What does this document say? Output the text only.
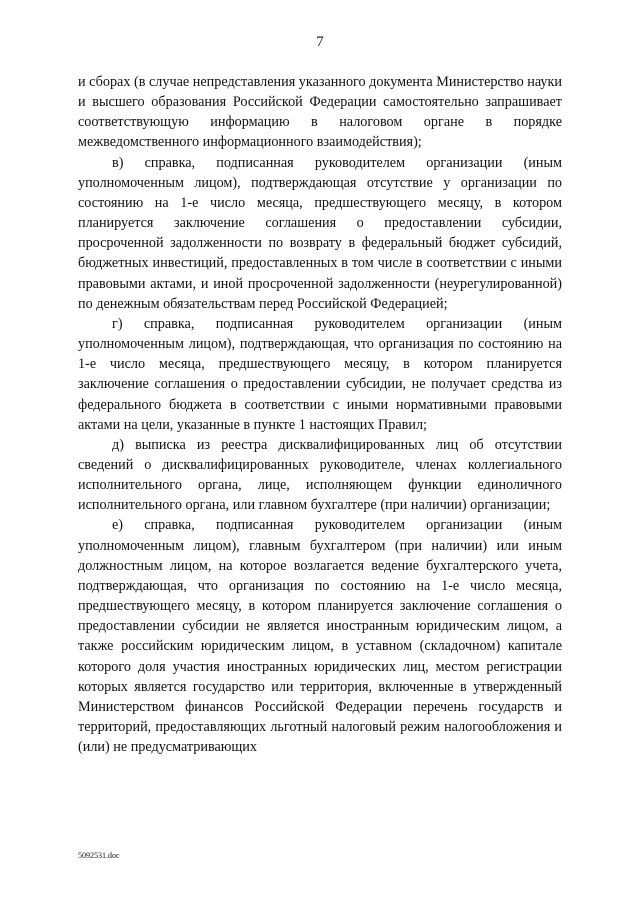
7

и сборах (в случае непредставления указанного документа Министерство науки и высшего образования Российской Федерации самостоятельно запрашивает соответствующую информацию в налоговом органе в порядке межведомственного информационного взаимодействия);

в) справка, подписанная руководителем организации (иным уполномоченным лицом), подтверждающая отсутствие у организации по состоянию на 1-е число месяца, предшествующего месяцу, в котором планируется заключение соглашения о предоставлении субсидии, просроченной задолженности по возврату в федеральный бюджет субсидий, бюджетных инвестиций, предоставленных в том числе в соответствии с иными правовыми актами, и иной просроченной задолженности (неурегулированной) по денежным обязательствам перед Российской Федерацией;

г) справка, подписанная руководителем организации (иным уполномоченным лицом), подтверждающая, что организация по состоянию на 1-е число месяца, предшествующего месяцу, в котором планируется заключение соглашения о предоставлении субсидии, не получает средства из федерального бюджета в соответствии с иными нормативными правовыми актами на цели, указанные в пункте 1 настоящих Правил;

д) выписка из реестра дисквалифицированных лиц об отсутствии сведений о дисквалифицированных руководителе, членах коллегиального исполнительного органа, лице, исполняющем функции единоличного исполнительного органа, или главном бухгалтере (при наличии) организации;

е) справка, подписанная руководителем организации (иным уполномоченным лицом), главным бухгалтером (при наличии) или иным должностным лицом, на которое возлагается ведение бухгалтерского учета, подтверждающая, что организация по состоянию на 1-е число месяца, предшествующего месяцу, в котором планируется заключение соглашения о предоставлении субсидии не является иностранным юридическим лицом, а также российским юридическим лицом, в уставном (складочном) капитале которого доля участия иностранных юридических лиц, местом регистрации которых является государство или территория, включенные в утвержденный Министерством финансов Российской Федерации перечень государств и территорий, предоставляющих льготный налоговый режим налогообложения и (или) не предусматривающих

5092531.doc
